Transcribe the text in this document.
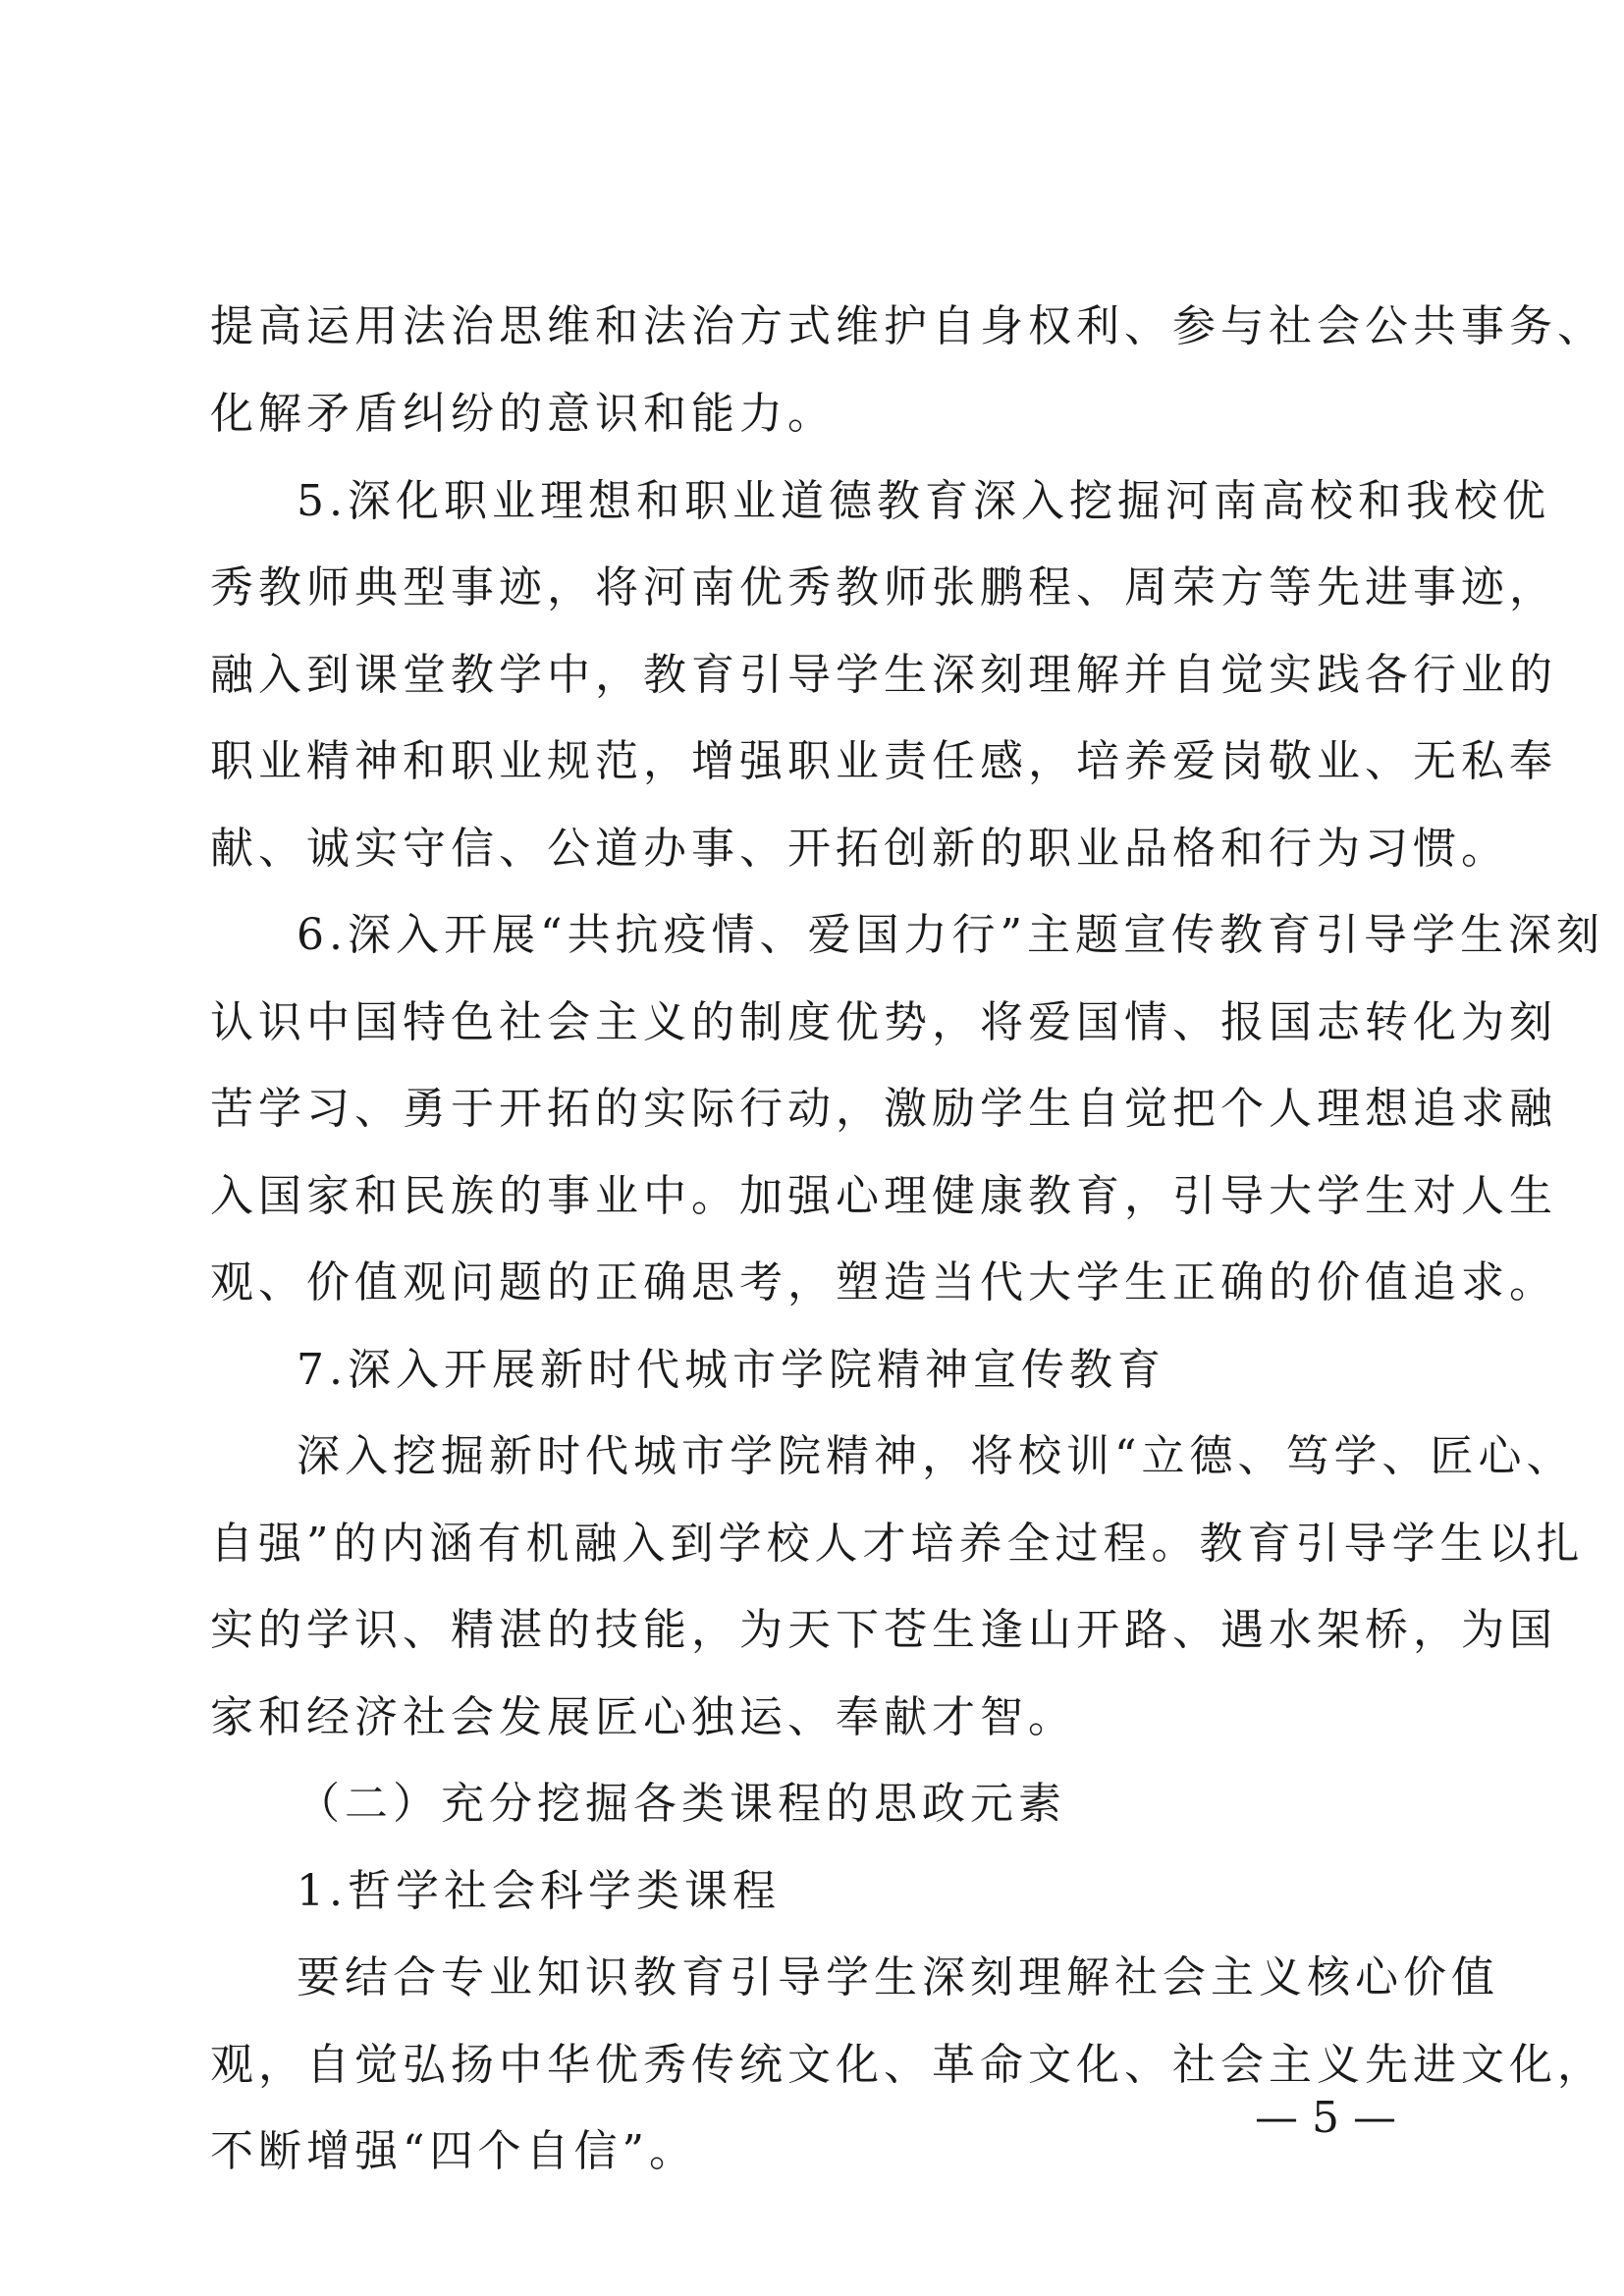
提高运用法治思维和法治方式维护自身权利、参与社会公共事务、
化解矛盾纠纷的意识和能力。
5.深化职业理想和职业道德教育深入挖掘河南高校和我校优
秀教师典型事迹，将河南优秀教师张鹏程、周荣方等先进事迹，
融入到课堂教学中，教育引导学生深刻理解并自觉实践各行业的
职业精神和职业规范，增强职业责任感，培养爱岗敬业、无私奉
献、诚实守信、公道办事、开拓创新的职业品格和行为习惯。
6.深入开展“共抗疫情、爱国力行”主题宣传教育引导学生深刻
认识中国特色社会主义的制度优势，将爱国情、报国志转化为刻
苦学习、勇于开拓的实际行动，激励学生自觉把个人理想追求融
入国家和民族的事业中。加强心理健康教育，引导大学生对人生
观、价值观问题的正确思考，塑造当代大学生正确的价值追求。
7.深入开展新时代城市学院精神宣传教育
深入挖掘新时代城市学院精神，将校训“立德、笃学、匠心、
自强”的内涵有机融入到学校人才培养全过程。教育引导学生以扎
实的学识、精湛的技能，为天下苍生逢山开路、遇水架桥，为国
家和经济社会发展匠心独运、奉献才智。
（二）充分挖掘各类课程的思政元素
1.哲学社会科学类课程
要结合专业知识教育引导学生深刻理解社会主义核心价值
观，自觉弘扬中华优秀传统文化、革命文化、社会主义先进文化，
不断增强“四个自信”。
— 5 —
